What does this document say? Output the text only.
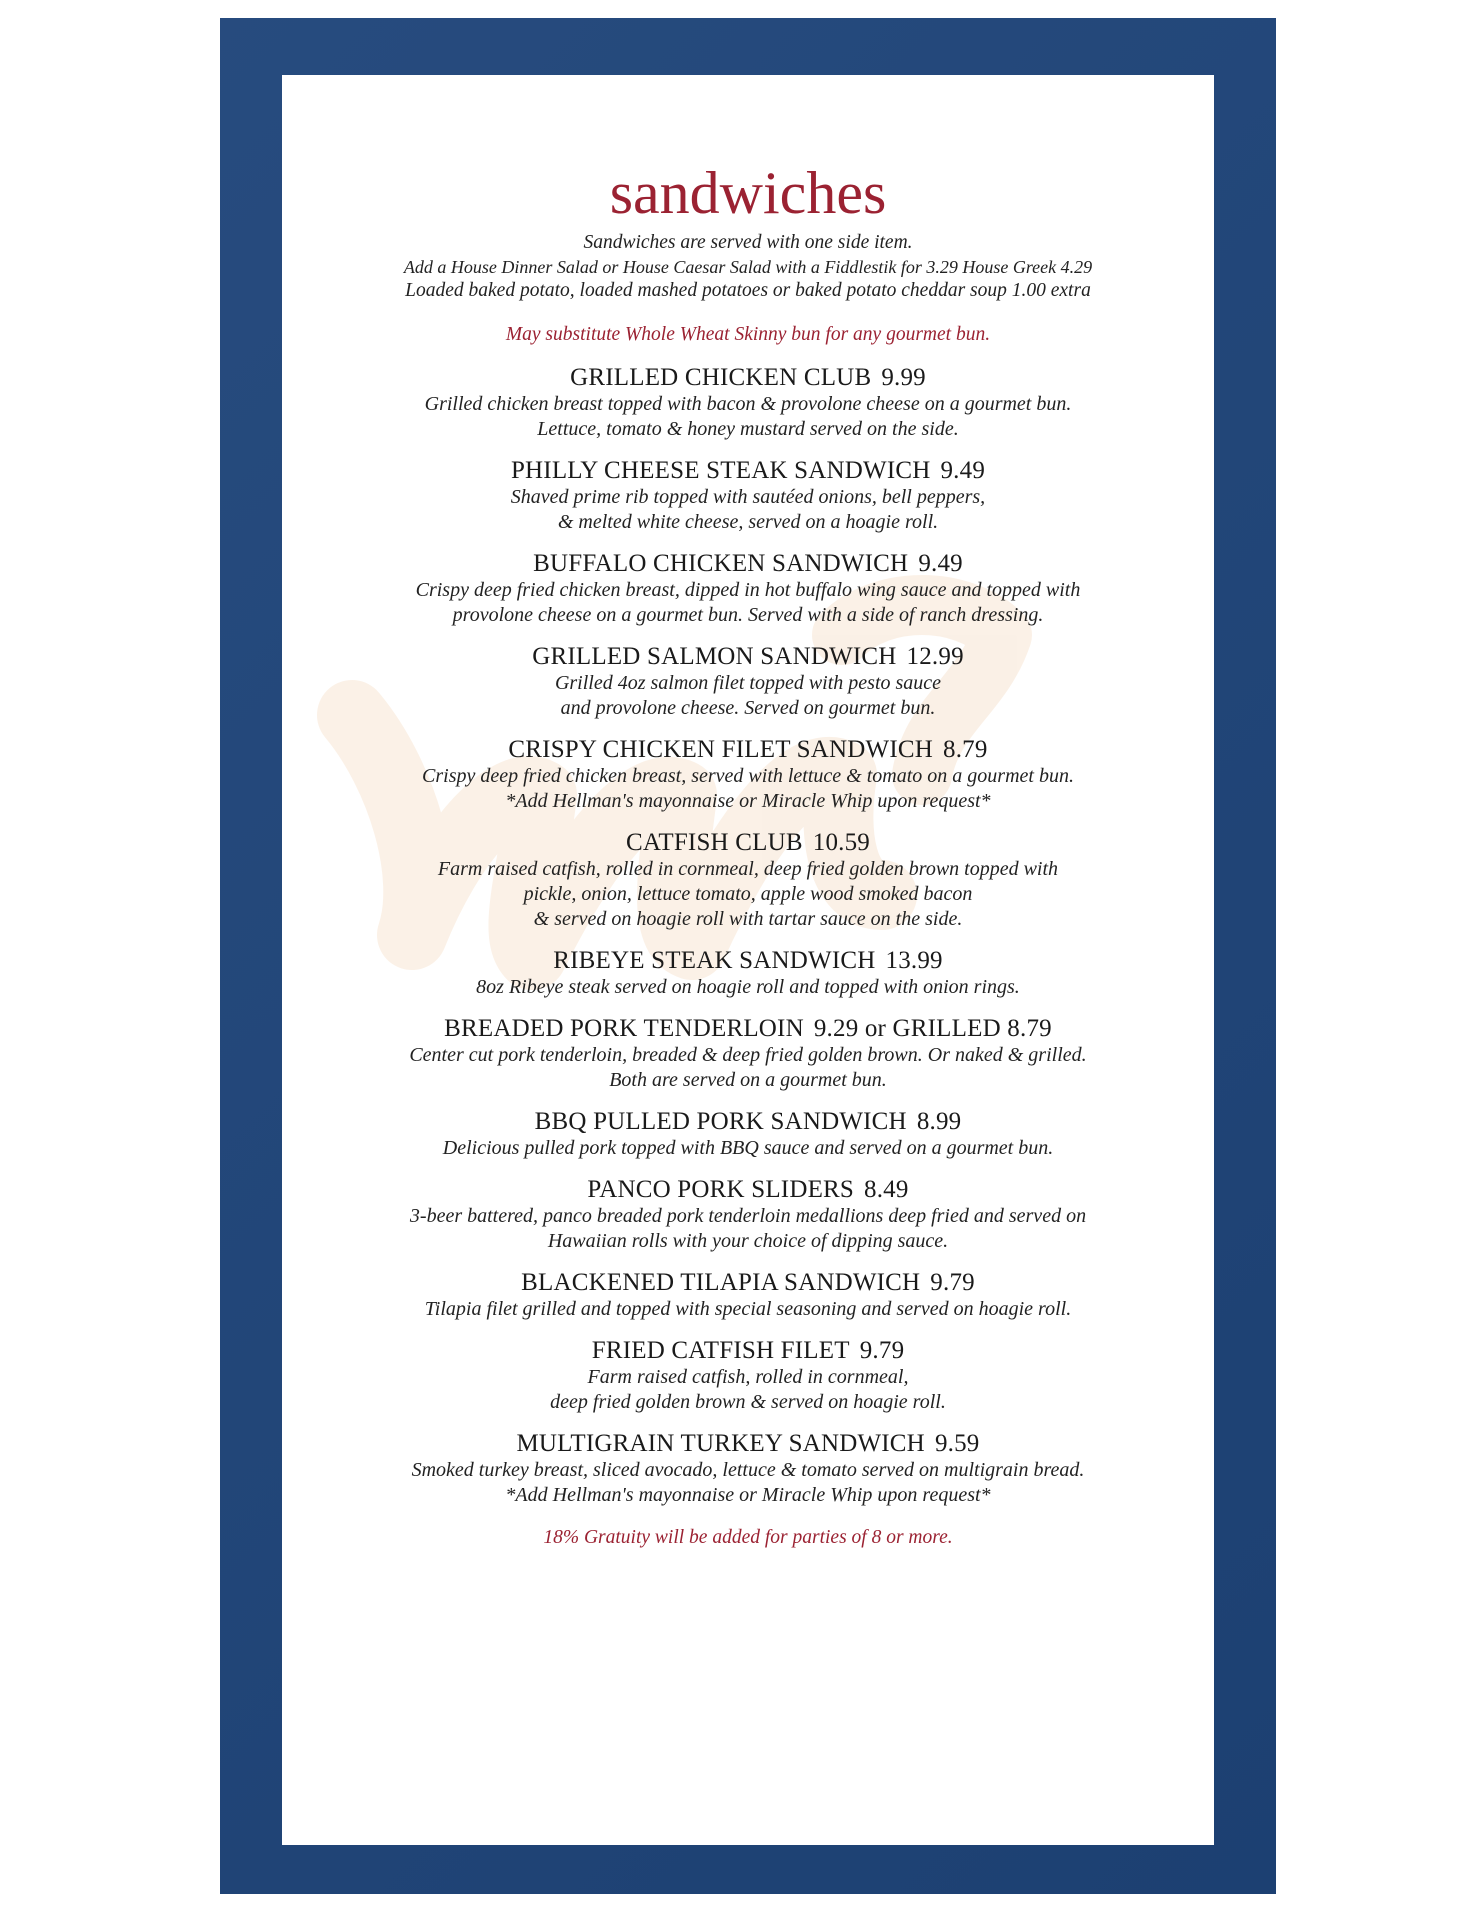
sandwiches

Sandwiches are served with one side item.

Add a House Dinner Salad or House Caesar Salad with a Fiddlestik for 3.29 House Greek 4.29

Loaded baked potato, loaded mashed potatoes or baked potato cheddar soup 1.00 extra

May substitute Whole Wheat Skinny bun for any gourmet bun.

GRILLED CHICKEN CLUB 9.99
Grilled chicken breast topped with bacon & provolone cheese on a gourmet bun.
Lettuce, tomato & honey mustard served on the side.
PHILLY CHEESE STEAK SANDWICH 9.49
Shaved prime rib topped with sautéed onions, bell peppers,
& melted white cheese, served on a hoagie roll.
BUFFALO CHICKEN SANDWICH 9.49
Crispy deep fried chicken breast, dipped in hot buffalo wing sauce and topped with
provolone cheese on a gourmet bun. Served with a side of ranch dressing.
GRILLED SALMON SANDWICH 12.99
Grilled 4oz salmon filet topped with pesto sauce
and provolone cheese. Served on gourmet bun.
CRISPY CHICKEN FILET SANDWICH 8.79
Crispy deep fried chicken breast, served with lettuce & tomato on a gourmet bun.
*Add Hellman's mayonnaise or Miracle Whip upon request*
CATFISH CLUB 10.59
Farm raised catfish, rolled in cornmeal, deep fried golden brown topped with
pickle, onion, lettuce tomato, apple wood smoked bacon
& served on hoagie roll with tartar sauce on the side.
RIBEYE STEAK SANDWICH 13.99
8oz Ribeye steak served on hoagie roll and topped with onion rings.
BREADED PORK TENDERLOIN 9.29 or GRILLED 8.79
Center cut pork tenderloin, breaded & deep fried golden brown. Or naked & grilled.
Both are served on a gourmet bun.
BBQ PULLED PORK SANDWICH 8.99
Delicious pulled pork topped with BBQ sauce and served on a gourmet bun.
PANCO PORK SLIDERS 8.49
3-beer battered, panco breaded pork tenderloin medallions deep fried and served on
Hawaiian rolls with your choice of dipping sauce.
BLACKENED TILAPIA SANDWICH 9.79
Tilapia filet grilled and topped with special seasoning and served on hoagie roll.
FRIED CATFISH FILET 9.79
Farm raised catfish, rolled in cornmeal,
deep fried golden brown & served on hoagie roll.
MULTIGRAIN TURKEY SANDWICH 9.59
Smoked turkey breast, sliced avocado, lettuce & tomato served on multigrain bread.
*Add Hellman's mayonnaise or Miracle Whip upon request*
18% Gratuity will be added for parties of 8 or more.
